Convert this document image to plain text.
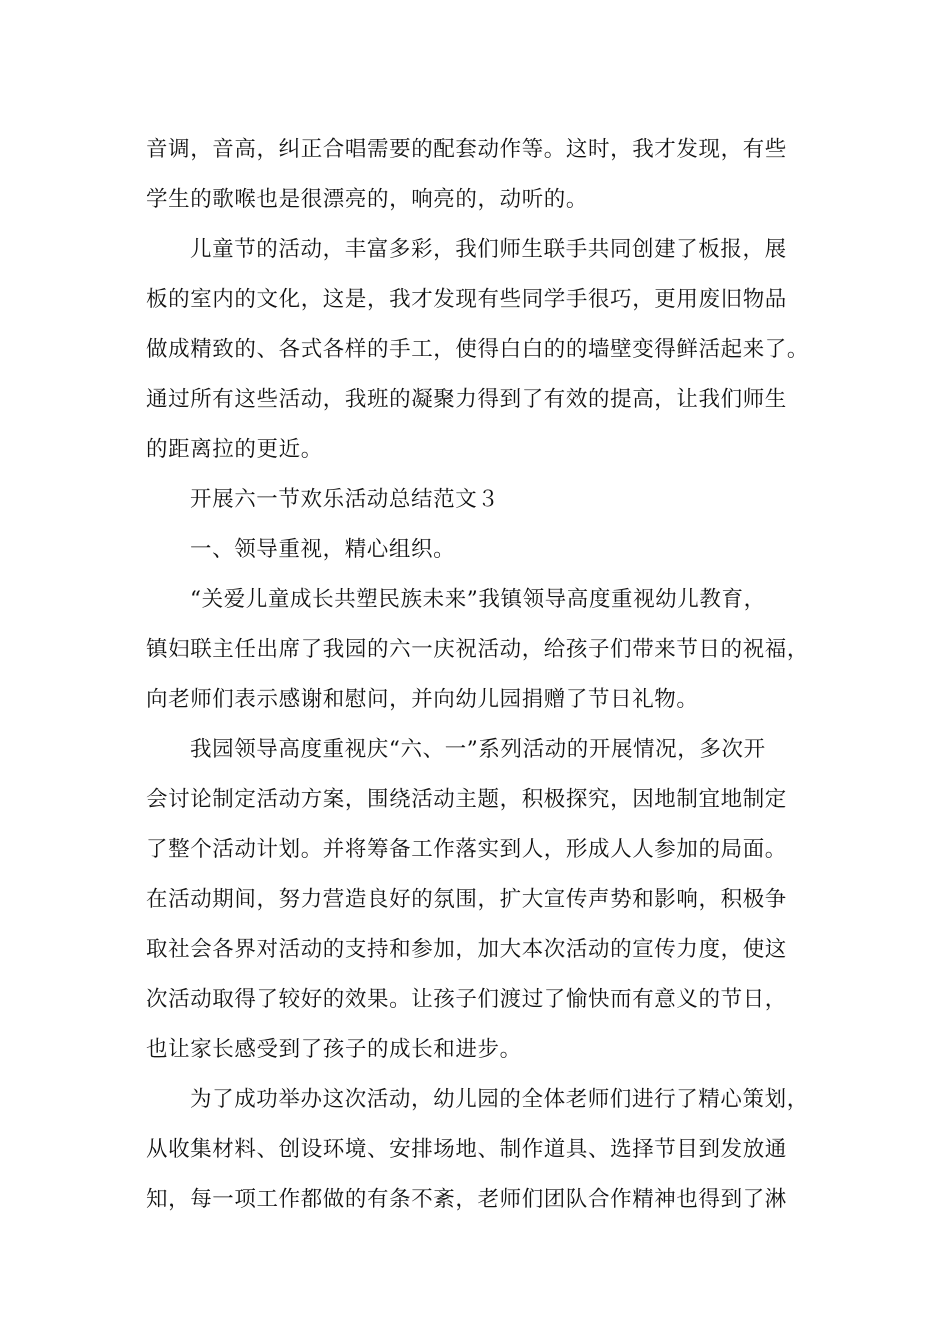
音调，音高，纠正合唱需要的配套动作等。这时，我才发现，有些
学生的歌喉也是很漂亮的，响亮的，动听的。
儿童节的活动，丰富多彩，我们师生联手共同创建了板报，展
板的室内的文化，这是，我才发现有些同学手很巧，更用废旧物品
做成精致的、各式各样的手工，使得白白的的墙壁变得鲜活起来了。
通过所有这些活动，我班的凝聚力得到了有效的提高，让我们师生
的距离拉的更近。
开展六一节欢乐活动总结范文３
一、领导重视，精心组织。
“关爱儿童成长共塑民族未来”我镇领导高度重视幼儿教育，
镇妇联主任出席了我园的六一庆祝活动，给孩子们带来节日的祝福，
向老师们表示感谢和慰问，并向幼儿园捐赠了节日礼物。
我园领导高度重视庆“六、一”系列活动的开展情况，多次开
会讨论制定活动方案，围绕活动主题，积极探究，因地制宜地制定
了整个活动计划。并将筹备工作落实到人，形成人人参加的局面。
在活动期间，努力营造良好的氛围，扩大宣传声势和影响，积极争
取社会各界对活动的支持和参加，加大本次活动的宣传力度，使这
次活动取得了较好的效果。让孩子们渡过了愉快而有意义的节日，
也让家长感受到了孩子的成长和进步。
为了成功举办这次活动，幼儿园的全体老师们进行了精心策划，
从收集材料、创设环境、安排场地、制作道具、选择节目到发放通
知，每一项工作都做的有条不紊，老师们团队合作精神也得到了淋
